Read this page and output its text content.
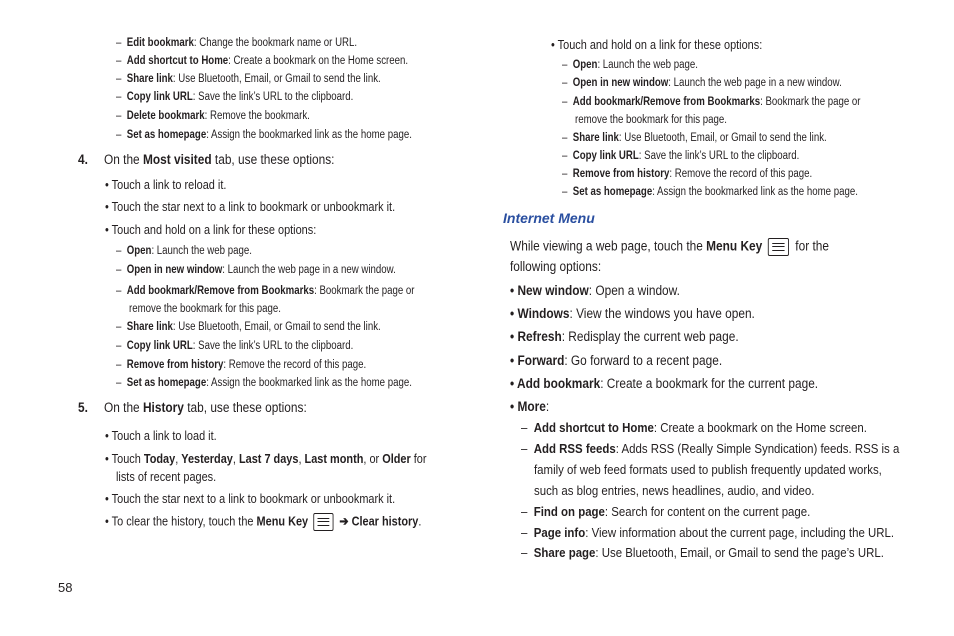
– Edit bookmark: Change the bookmark name or URL.
– Add shortcut to Home: Create a bookmark on the Home screen.
– Share link: Use Bluetooth, Email, or Gmail to send the link.
– Copy link URL: Save the link’s URL to the clipboard.
– Delete bookmark: Remove the bookmark.
– Set as homepage: Assign the bookmarked link as the home page.
4. On the Most visited tab, use these options:
• Touch a link to reload it.
• Touch the star next to a link to bookmark or unbookmark it.
• Touch and hold on a link for these options:
– Open: Launch the web page.
– Open in new window: Launch the web page in a new window.
– Add bookmark/Remove from Bookmarks: Bookmark the page or
remove the bookmark for this page.
– Share link: Use Bluetooth, Email, or Gmail to send the link.
– Copy link URL: Save the link’s URL to the clipboard.
– Remove from history: Remove the record of this page.
– Set as homepage: Assign the bookmarked link as the home page.
5. On the History tab, use these options:
• Touch a link to load it.
• Touch Today, Yesterday, Last 7 days, Last month, or Older for
lists of recent pages.
• Touch the star next to a link to bookmark or unbookmark it.
• To clear the history, touch the Menu Key ➔ Clear history.
58
• Touch and hold on a link for these options:
– Open: Launch the web page.
– Open in new window: Launch the web page in a new window.
– Add bookmark/Remove from Bookmarks: Bookmark the page or
remove the bookmark for this page.
– Share link: Use Bluetooth, Email, or Gmail to send the link.
– Copy link URL: Save the link’s URL to the clipboard.
– Remove from history: Remove the record of this page.
– Set as homepage: Assign the bookmarked link as the home page.
Internet Menu
While viewing a web page, touch the Menu Key  for the
following options:
• New window: Open a window.
• Windows: View the windows you have open.
• Refresh: Redisplay the current web page.
• Forward: Go forward to a recent page.
• Add bookmark: Create a bookmark for the current page.
• More:
– Add shortcut to Home: Create a bookmark on the Home screen.
– Add RSS feeds: Adds RSS (Really Simple Syndication) feeds. RSS is a
family of web feed formats used to publish frequently updated works,
such as blog entries, news headlines, audio, and video.
– Find on page: Search for content on the current page.
– Page info: View information about the current page, including the URL.
– Share page: Use Bluetooth, Email, or Gmail to send the page’s URL.
